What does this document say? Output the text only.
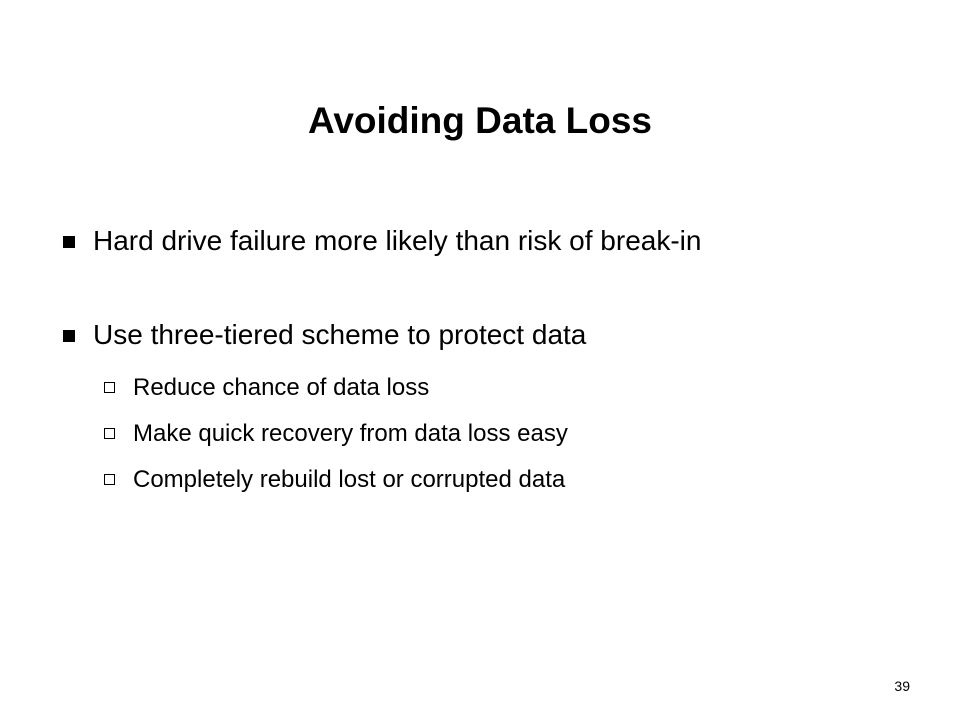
Avoiding Data Loss
Hard drive failure more likely than risk of break-in
Use three-tiered scheme to protect data
Reduce chance of data loss
Make quick recovery from data loss easy
Completely rebuild lost or corrupted data
39
